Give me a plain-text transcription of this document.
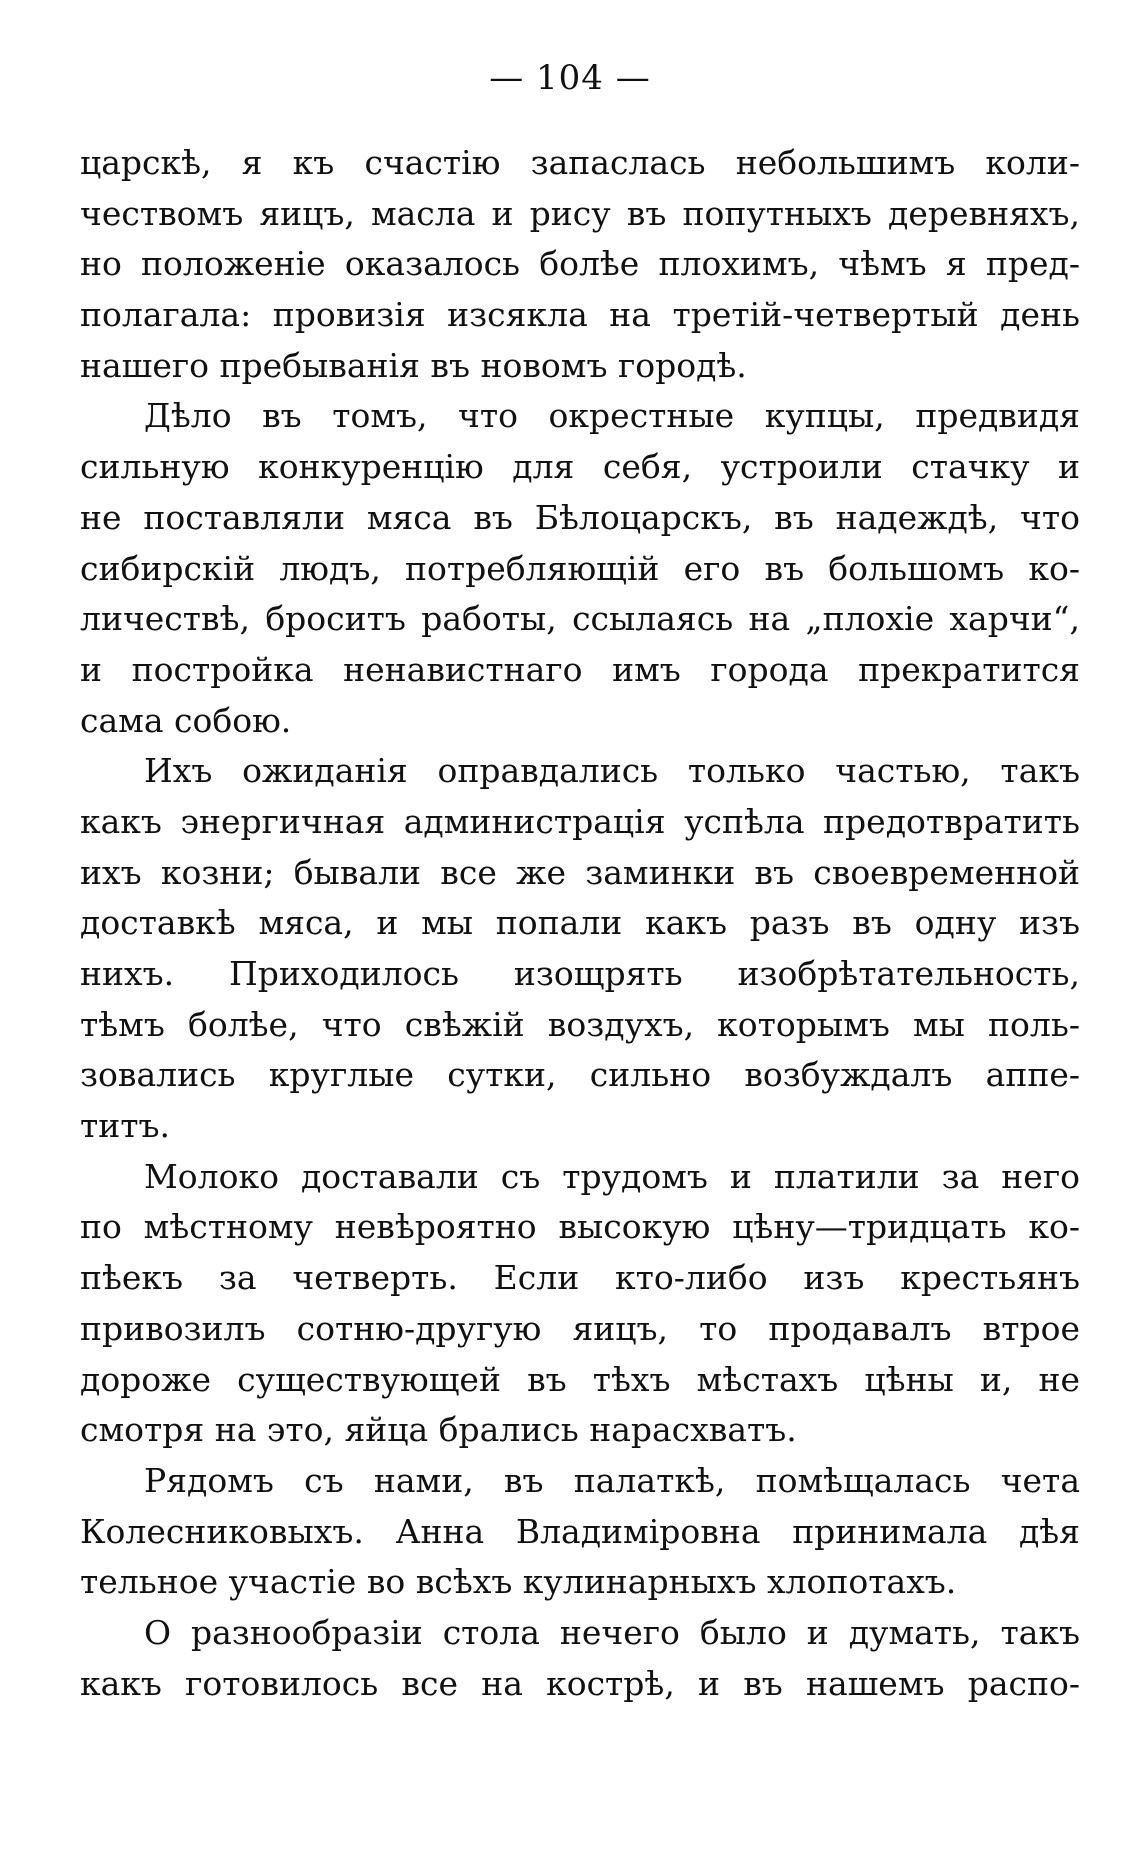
— 104 —
царскѣ, я къ счастію запаслась небольшимъ коли-
чествомъ яицъ, масла и рису въ попутныхъ деревняхъ,
но положеніе оказалось болѣе плохимъ, чѣмъ я пред-
полагала: провизія изсякла на третій-четвертый день
нашего пребыванія въ новомъ городѣ.
Дѣло въ томъ, что окрестные купцы, предвидя
сильную конкуренцію для себя, устроили стачку и
не поставляли мяса въ Бѣлоцарскъ, въ надеждѣ, что
сибирскій людъ, потребляющій его въ большомъ ко-
личествѣ, броситъ работы, ссылаясь на „плохіе харчи“,
и постройка ненавистнаго имъ города прекратится
сама собою.
Ихъ ожиданія оправдались только частью, такъ
какъ энергичная администрація успѣла предотвратить
ихъ козни; бывали все же заминки въ своевременной
доставкѣ мяса, и мы попали какъ разъ въ одну изъ
нихъ. Приходилось изощрять изобрѣтательность,
тѣмъ болѣе, что свѣжій воздухъ, которымъ мы поль-
зовались круглые сутки, сильно возбуждалъ аппе-
титъ.
Молоко доставали съ трудомъ и платили за него
по мѣстному невѣроятно высокую цѣну—тридцать ко-
пѣекъ за четверть. Если кто-либо изъ крестьянъ
привозилъ сотню-другую яицъ, то продавалъ втрое
дороже существующей въ тѣхъ мѣстахъ цѣны и, не
смотря на это, яйца брались нарасхватъ.
Рядомъ съ нами, въ палаткѣ, помѣщалась чета
Колесниковыхъ. Анна Владиміровна принимала дѣя
тельное участіе во всѣхъ кулинарныхъ хлопотахъ.
О разнообразіи стола нечего было и думать, такъ
какъ готовилось все на кострѣ, и въ нашемъ распо-
